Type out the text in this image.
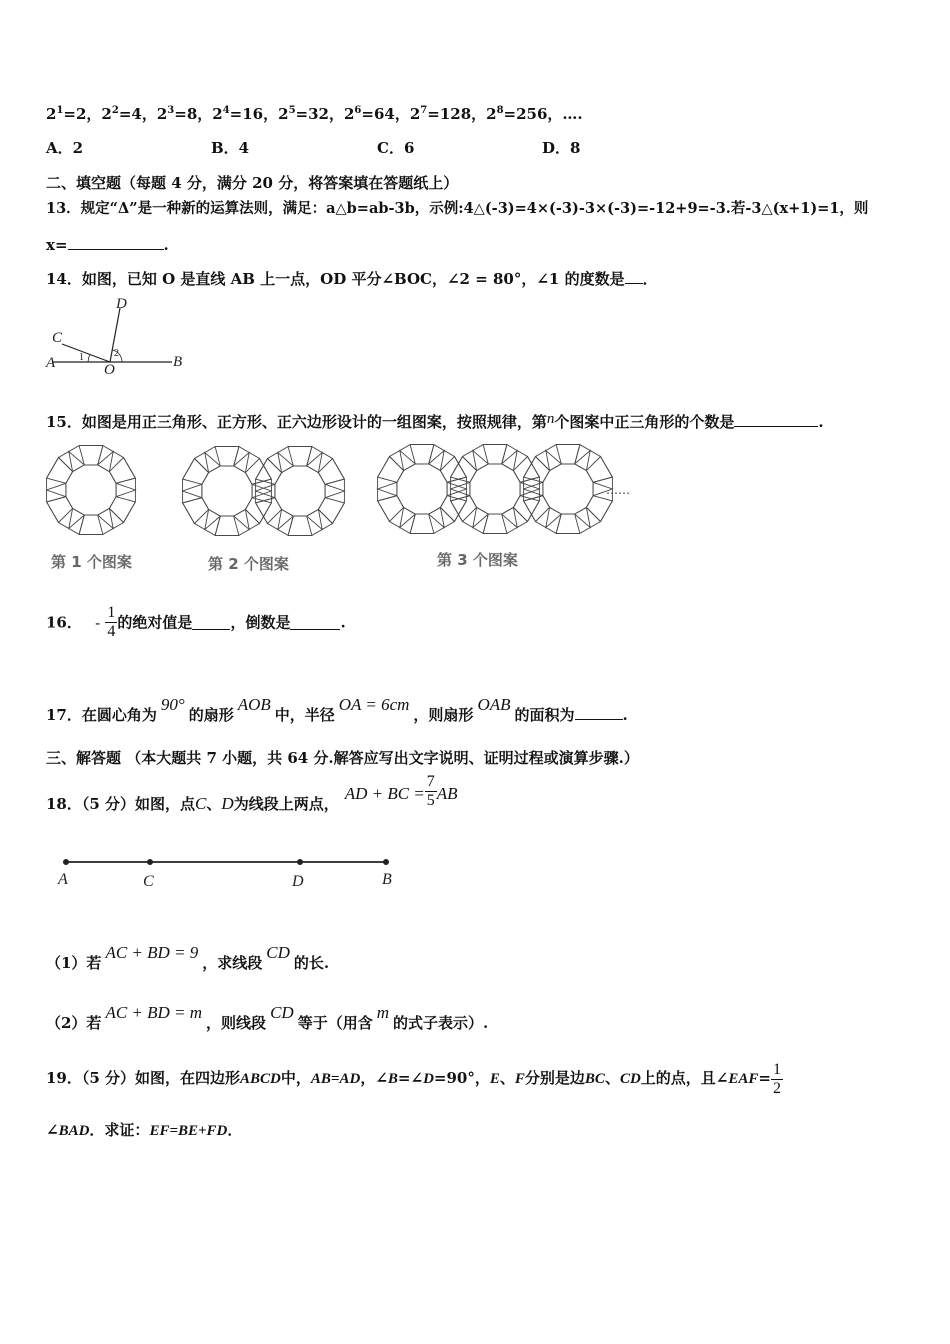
$2^1=2$，$2^2=4$，$2^3=8$，$2^4=16$，$2^5=32$，$2^6=64$，$2^7=128$，$2^8=256$，….
A．2	B．4	C．6	D．8
二、填空题（每题 4 分，满分 20 分，将答案填在答题纸上）
13．规定“Δ”是一种新的运算法则，满足：a△b=ab-3b，示例:4△(-3)=4×(-3)-3×(-3)=-12+9=-3.若-3△(x+1)=1，则
x=	.
14．如图，已知 O 是直线 AB 上一点，OD 平分∠BOC，∠2 = 80°，∠1 的度数是 ．
A	B
C
D
O
1	2
15．如图是用正三角形、正方形、正六边形设计的一组图案，按照规律，第n个图案中正三角形的个数是	.
……
第 1 个图案	第 2 个图案	第 3 个图案
16． - $\frac{1}{4}$ 的绝对值是	，倒数是	.
17．在圆心角为90°的扇形AOB中，半径OA = 6cm，则扇形OAB的面积为	.
三、解答题 （本大题共 7 小题，共 64 分.解答应写出文字说明、证明过程或演算步骤.）
18．（5 分）如图，点C、D为线段上两点，AD + BC = $\frac{7}{5}$ AB
A	C	D	B
（1）若AC + BD = 9，求线段CD的长.
（2）若AC + BD = m，则线段CD等于（用含m的式子表示）.
19．（5 分）如图，在四边形ABCD中，AB=AD，∠B=∠D=90°，E、F分别是边BC、CD上的点，且∠EAF= $\frac{1}{2}$
∠BAD．求证：EF=BE+FD．
